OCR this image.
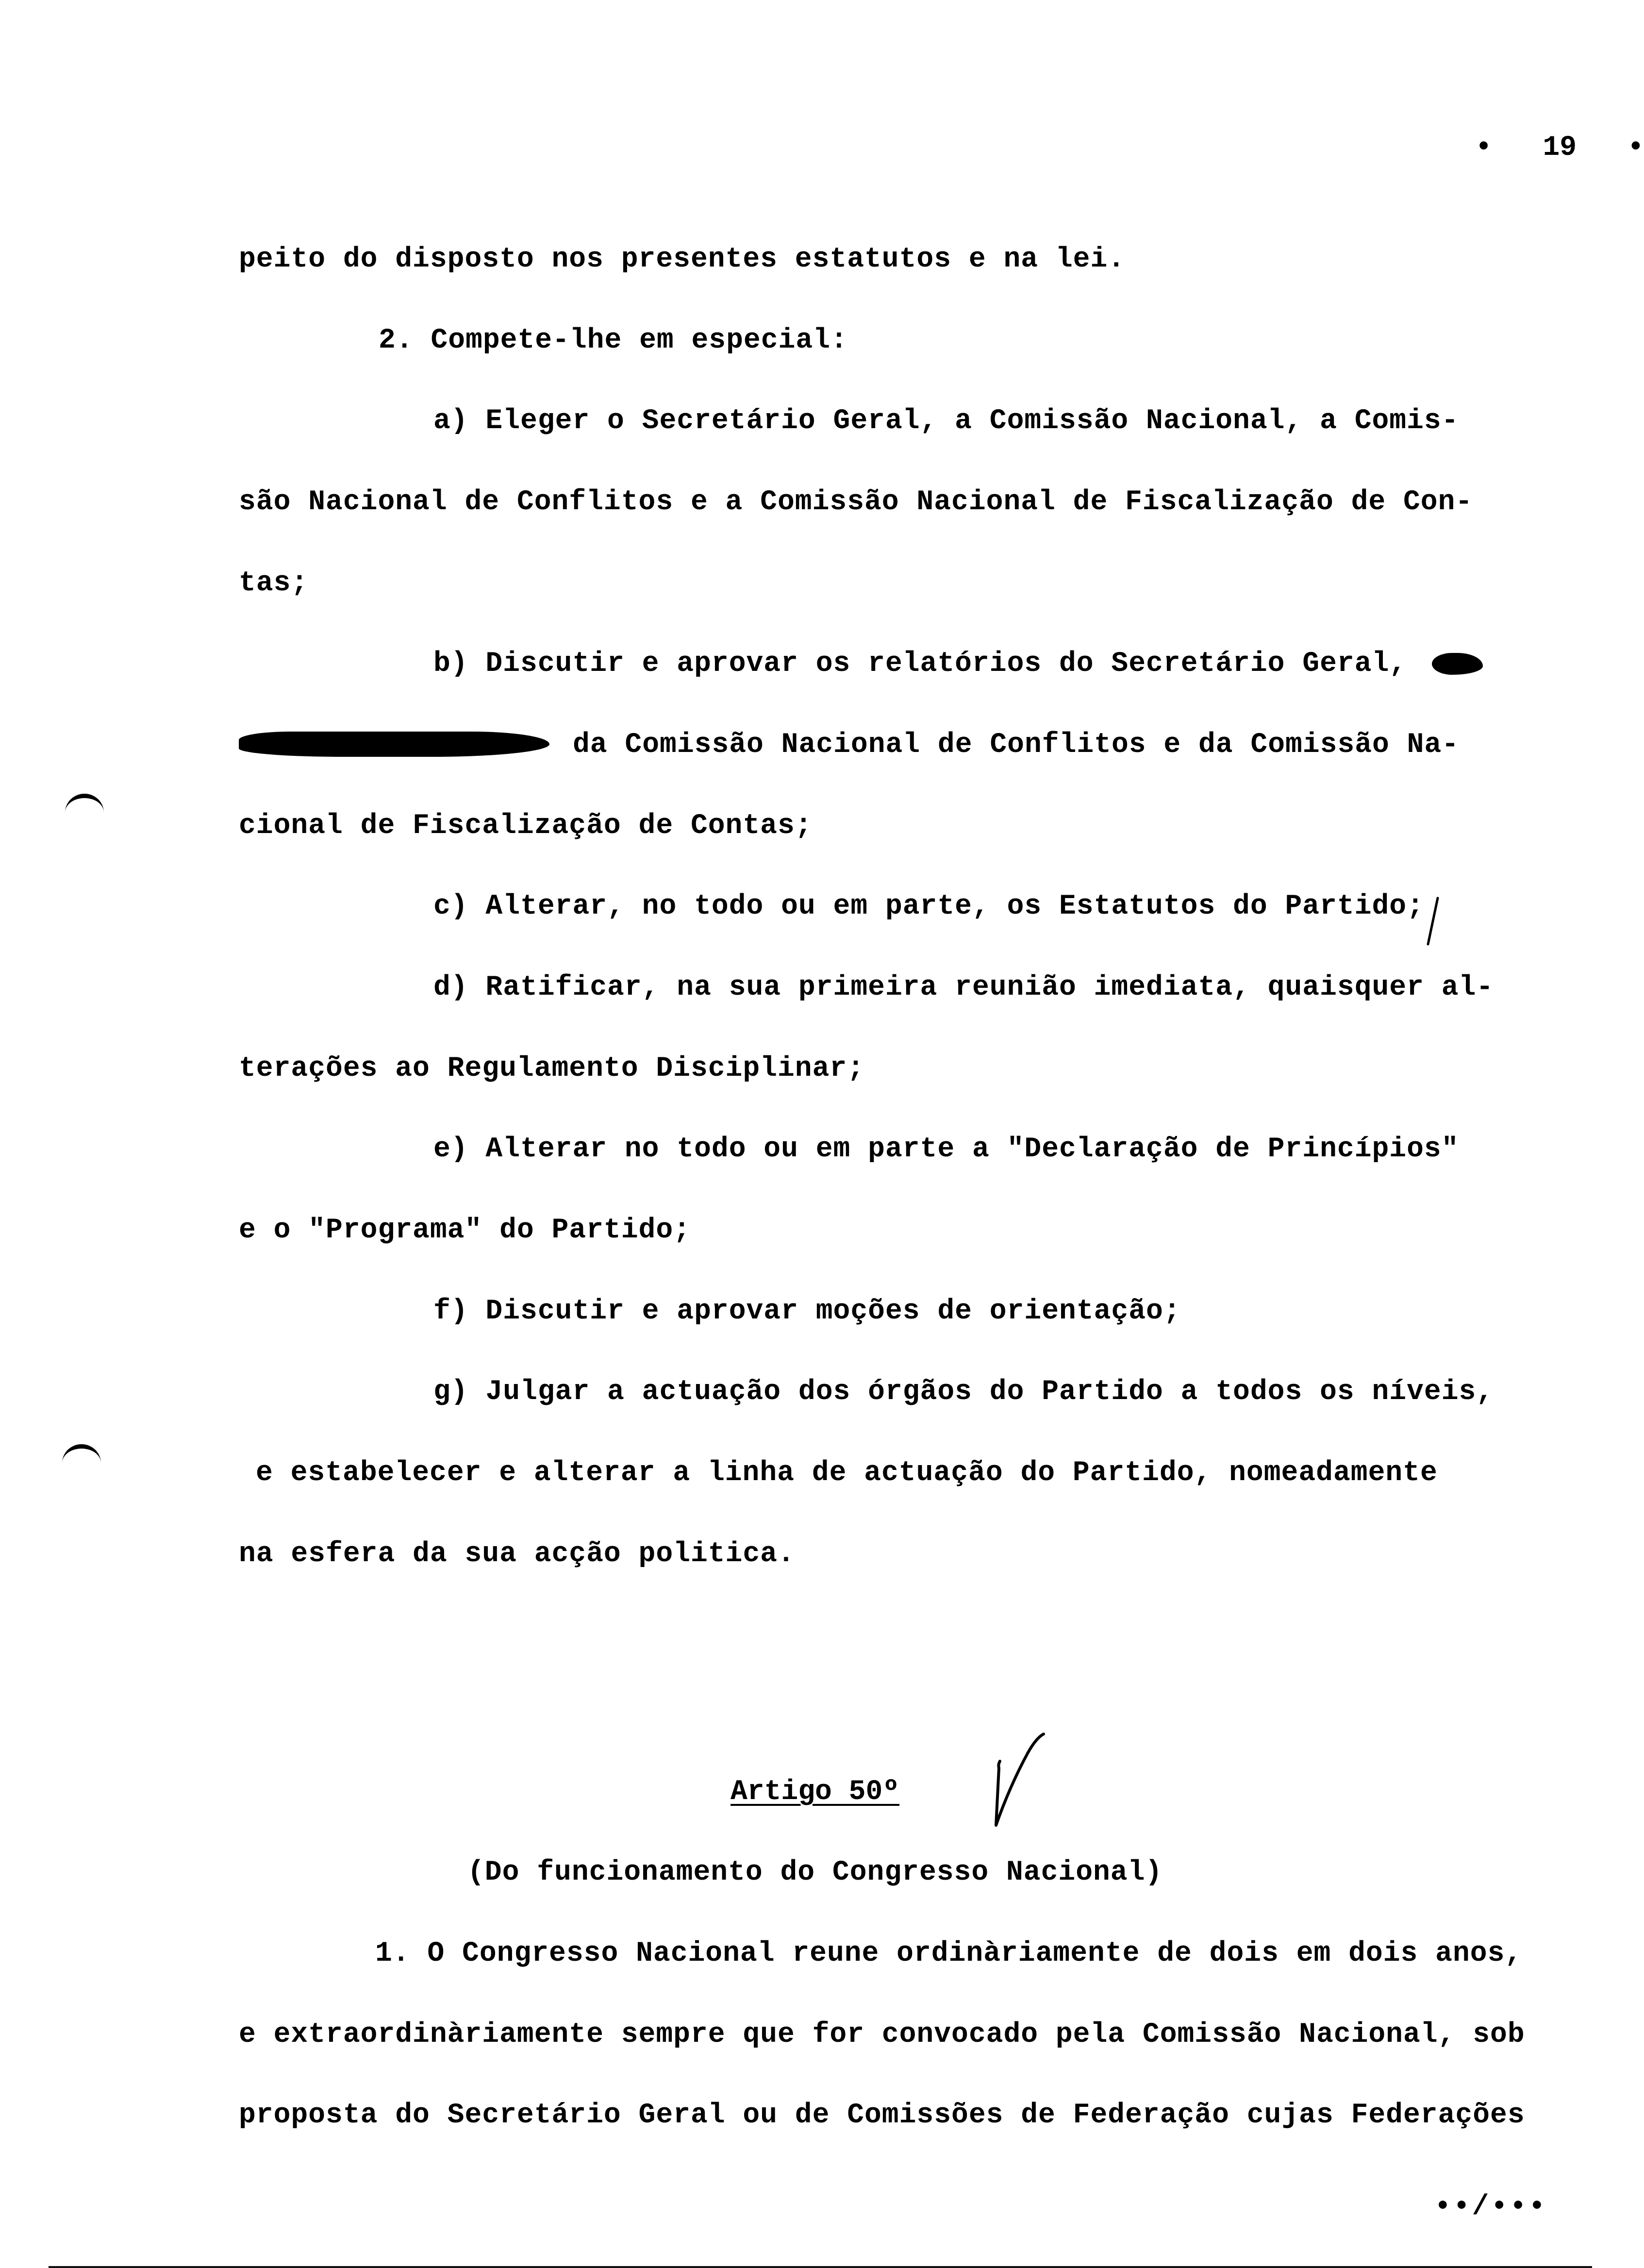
• 19 •

peito do disposto nos presentes estatutos e na lei.
2. Compete-lhe em especial:
a) Eleger o Secretário Geral, a Comissão Nacional, a Comis-
são Nacional de Conflitos e a Comissão Nacional de Fiscalização de Con-
tas;
b) Discutir e aprovar os relatórios do Secretário Geral,
da Comissão Nacional de Conflitos e da Comissão Na-
cional de Fiscalização de Contas;
c) Alterar, no todo ou em parte, os Estatutos do Partido;
d) Ratificar, na sua primeira reunião imediata, quaisquer al-
terações ao Regulamento Disciplinar;
e) Alterar no todo ou em parte a "Declaração de Princípios"
e o "Programa" do Partido;
f) Discutir e aprovar moções de orientação;
g) Julgar a actuação dos órgãos do Partido a todos os níveis,
e estabelecer e alterar a linha de actuação do Partido, nomeadamente
na esfera da sua acção politica.
Artigo 50º
(Do funcionamento do Congresso Nacional)
1. O Congresso Nacional reune ordinàriamente de dois em dois anos,
e extraordinàriamente sempre que for convocado pela Comissão Nacional, sob
proposta do Secretário Geral ou de Comissões de Federação cujas Federações
••/•••
